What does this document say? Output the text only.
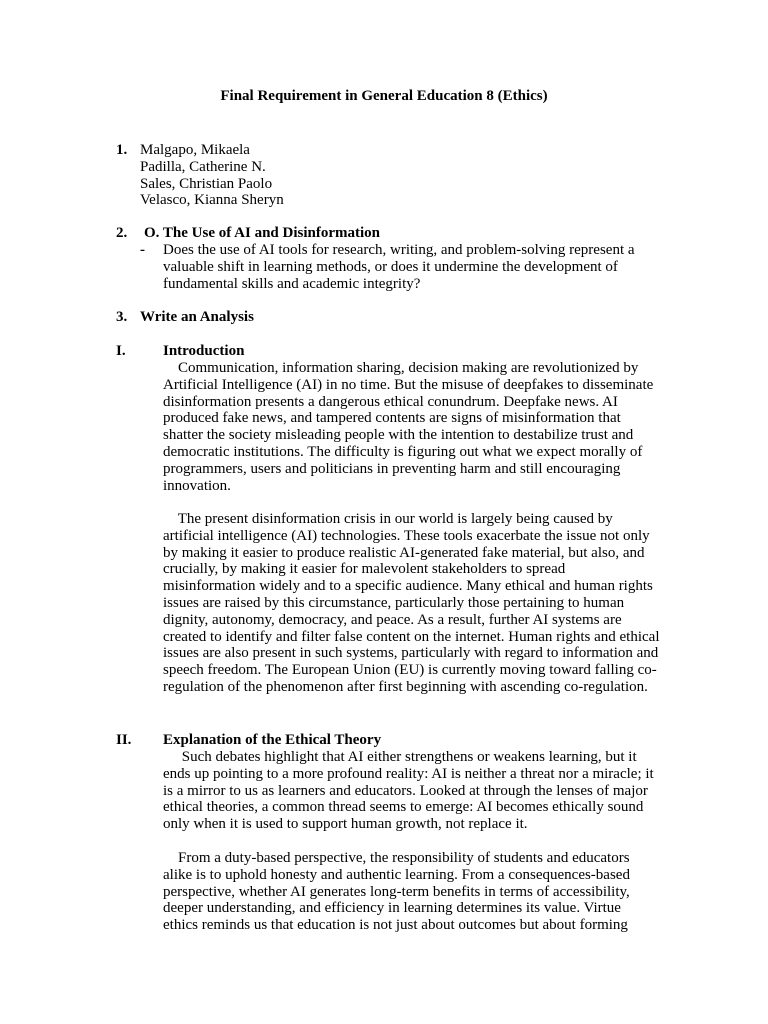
Final Requirement in General Education 8 (Ethics)
1. Malgapo, Mikaela
Padilla, Catherine N.
Sales, Christian Paolo
Velasco, Kianna Sheryn
2. O. The Use of AI and Disinformation
- Does the use of AI tools for research, writing, and problem-solving represent a
valuable shift in learning methods, or does it undermine the development of
fundamental skills and academic integrity?
3. Write an Analysis
I. Introduction
Communication, information sharing, decision making are revolutionized by
Artificial Intelligence (AI) in no time. But the misuse of deepfakes to disseminate
disinformation presents a dangerous ethical conundrum. Deepfake news. AI
produced fake news, and tampered contents are signs of misinformation that
shatter the society misleading people with the intention to destabilize trust and
democratic institutions. The difficulty is figuring out what we expect morally of
programmers, users and politicians in preventing harm and still encouraging
innovation.
The present disinformation crisis in our world is largely being caused by
artificial intelligence (AI) technologies. These tools exacerbate the issue not only
by making it easier to produce realistic AI-generated fake material, but also, and
crucially, by making it easier for malevolent stakeholders to spread
misinformation widely and to a specific audience. Many ethical and human rights
issues are raised by this circumstance, particularly those pertaining to human
dignity, autonomy, democracy, and peace. As a result, further AI systems are
created to identify and filter false content on the internet. Human rights and ethical
issues are also present in such systems, particularly with regard to information and
speech freedom. The European Union (EU) is currently moving toward falling co-
regulation of the phenomenon after first beginning with ascending co-regulation.
II. Explanation of the Ethical Theory
Such debates highlight that AI either strengthens or weakens learning, but it
ends up pointing to a more profound reality: AI is neither a threat nor a miracle; it
is a mirror to us as learners and educators. Looked at through the lenses of major
ethical theories, a common thread seems to emerge: AI becomes ethically sound
only when it is used to support human growth, not replace it.
From a duty-based perspective, the responsibility of students and educators
alike is to uphold honesty and authentic learning. From a consequences-based
perspective, whether AI generates long-term benefits in terms of accessibility,
deeper understanding, and efficiency in learning determines its value. Virtue
ethics reminds us that education is not just about outcomes but about forming
